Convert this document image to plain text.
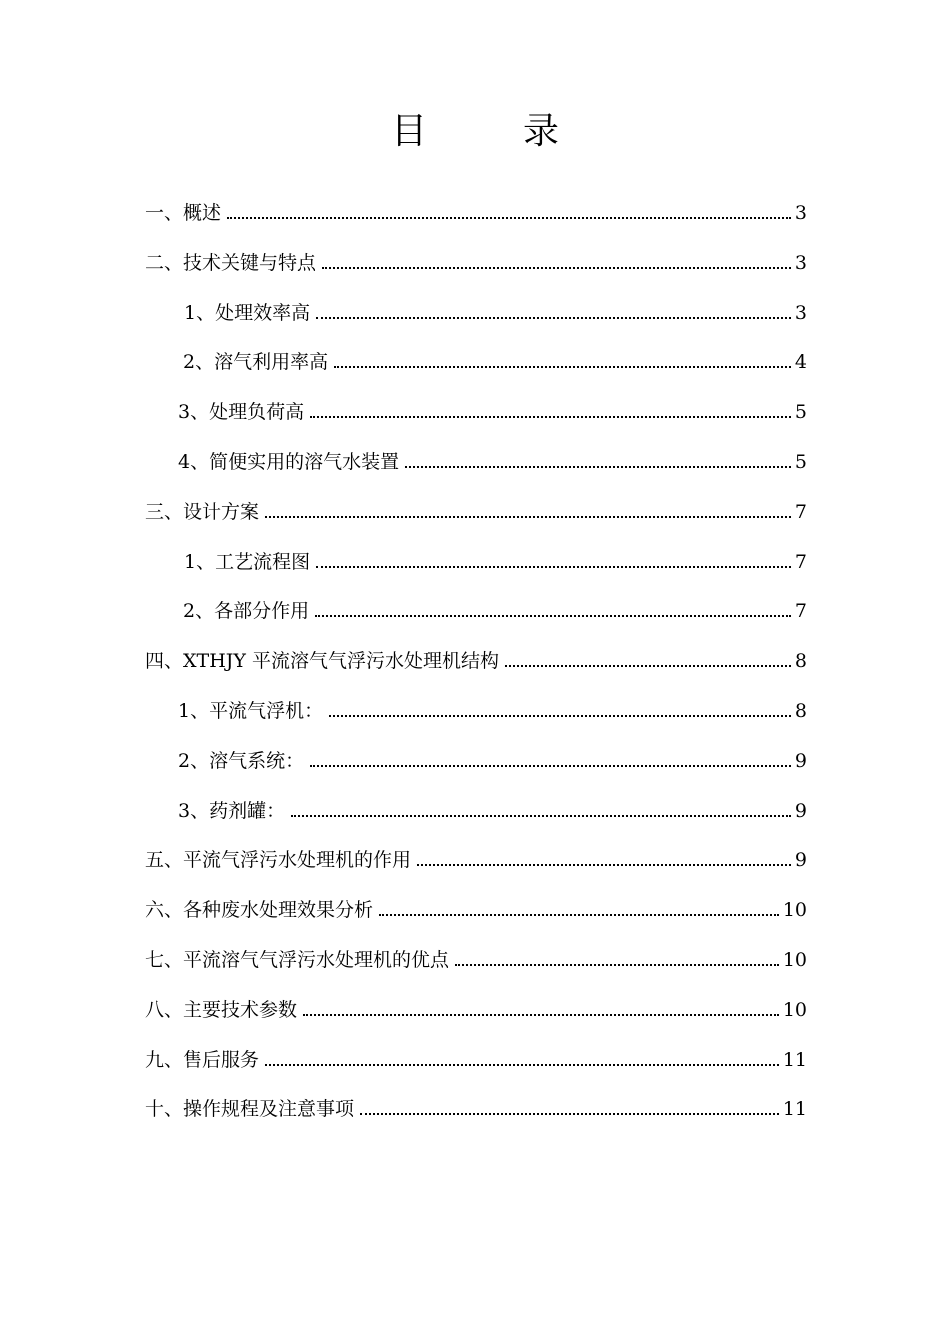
目　录
一、概述	3
二、技术关键与特点	3
1、处理效率高	3
2、溶气利用率高	4
3、处理负荷高	5
4、简便实用的溶气水装置	5
三、设计方案	7
1、工艺流程图	7
2、各部分作用	7
四、XTHJY 平流溶气气浮污水处理机结构	8
1、平流气浮机：	8
2、溶气系统：	9
3、药剂罐：	9
五、平流气浮污水处理机的作用	9
六、各种废水处理效果分析	10
七、平流溶气气浮污水处理机的优点	10
八、主要技术参数	10
九、售后服务	11
十、操作规程及注意事项	11
